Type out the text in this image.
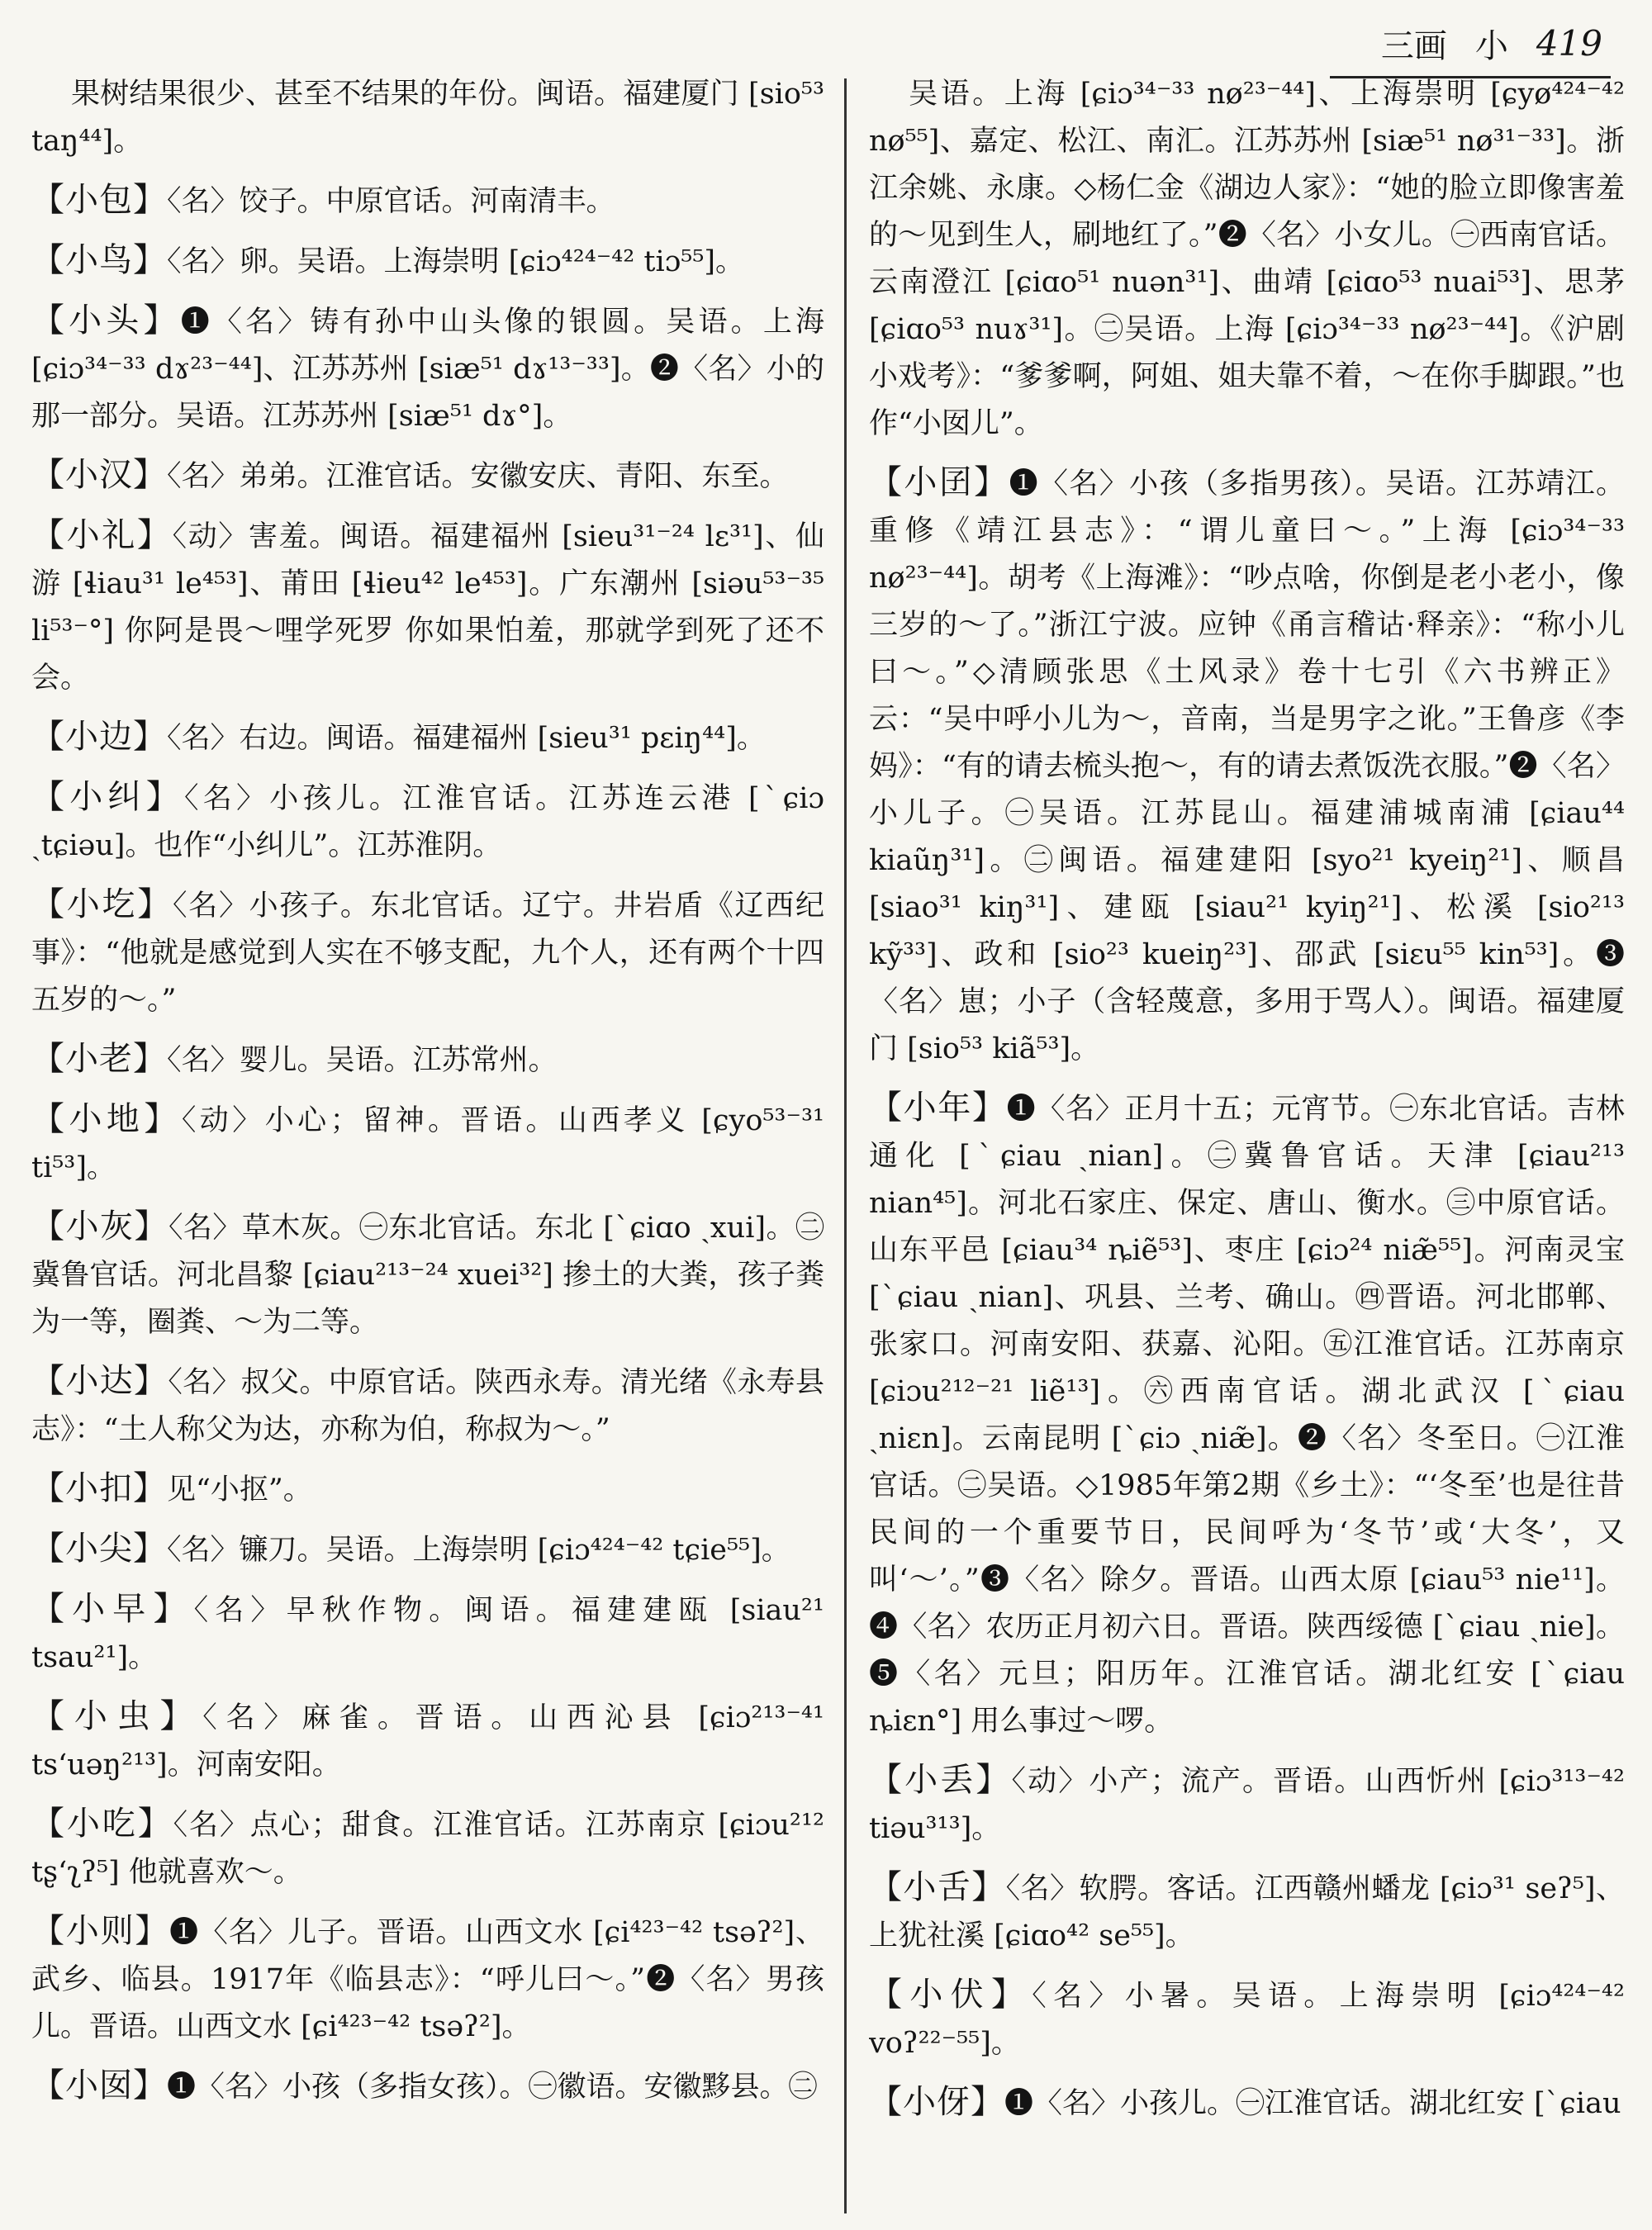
三画 小 419

果树结果很少、甚至不结果的年份。闽语。福建厦门 [sio⁵³ taŋ⁴⁴]。

【小包】〈名〉饺子。中原官话。河南清丰。

【小鸟】〈名〉卵。吴语。上海崇明 [ɕiɔ⁴²⁴⁻⁴² tiɔ⁵⁵]。

【小头】❶〈名〉铸有孙中山头像的银圆。吴语。上海 [ɕiɔ³⁴⁻³³ dɤ²³⁻⁴⁴]、江苏苏州 [siæ⁵¹ dɤ¹³⁻³³]。❷〈名〉小的那一部分。吴语。江苏苏州 [siæ⁵¹ dɤ°]。

【小汉】〈名〉弟弟。江淮官话。安徽安庆、青阳、东至。

【小礼】〈动〉害羞。闽语。福建福州 [sieu³¹⁻²⁴ lɛ³¹]、仙游 [ɬiau³¹ le⁴⁵³]、莆田 [ɬieu⁴² le⁴⁵³]。广东潮州 [siəu⁵³⁻³⁵ li⁵³⁻°] 你阿是畏～哩学死罗 你如果怕羞，那就学到死了还不会。

【小边】〈名〉右边。闽语。福建福州 [sieu³¹ pɛiŋ⁴⁴]。

【小纠】〈名〉小孩儿。江淮官话。江苏连云港 [ˋɕiɔ ˏtɕiəu]。也作“小纠儿”。江苏淮阴。

【小圪】〈名〉小孩子。东北官话。辽宁。井岩盾《辽西纪事》：“他就是感觉到人实在不够支配，九个人，还有两个十四五岁的～。”

【小老】〈名〉婴儿。吴语。江苏常州。

【小地】〈动〉小心；留神。晋语。山西孝义 [ɕyo⁵³⁻³¹ ti⁵³]。

【小灰】〈名〉草木灰。㊀东北官话。东北 [ˋɕiɑo ˏxui]。㊁冀鲁官话。河北昌黎 [ɕiau²¹³⁻²⁴ xuei³²] 掺土的大粪，孩子粪为一等，圈粪、～为二等。

【小达】〈名〉叔父。中原官话。陕西永寿。清光绪《永寿县志》：“土人称父为达，亦称为伯，称叔为～。”

【小扣】见“小抠”。

【小尖】〈名〉镰刀。吴语。上海崇明 [ɕiɔ⁴²⁴⁻⁴² tɕie⁵⁵]。

【小早】〈名〉早秋作物。闽语。福建建瓯 [siau²¹ tsau²¹]。

【小虫】〈名〉麻雀。晋语。山西沁县 [ɕiɔ²¹³⁻⁴¹ tsʻuəŋ²¹³]。河南安阳。

【小吃】〈名〉点心；甜食。江淮官话。江苏南京 [ɕiɔu²¹² tʂʻʅʔ⁵] 他就喜欢～。

【小则】❶〈名〉儿子。晋语。山西文水 [ɕi⁴²³⁻⁴² tsəʔ²]、武乡、临县。1917年《临县志》：“呼儿曰～。”❷〈名〉男孩儿。晋语。山西文水 [ɕi⁴²³⁻⁴² tsəʔ²]。

【小囡】❶〈名〉小孩（多指女孩）。㊀徽语。安徽黟县。㊁

吴语。上海 [ɕiɔ³⁴⁻³³ nø²³⁻⁴⁴]、上海崇明 [ɕyø⁴²⁴⁻⁴² nø⁵⁵]、嘉定、松江、南汇。江苏苏州 [siæ⁵¹ nø³¹⁻³³]。浙江余姚、永康。◇杨仁金《湖边人家》：“她的脸立即像害羞的～见到生人，刷地红了。”❷〈名〉小女儿。㊀西南官话。云南澄江 [ɕiɑo⁵¹ nuən³¹]、曲靖 [ɕiɑo⁵³ nuai⁵³]、思茅 [ɕiɑo⁵³ nuɤ³¹]。㊁吴语。上海 [ɕiɔ³⁴⁻³³ nø²³⁻⁴⁴]。《沪剧小戏考》：“爹爹啊，阿姐、姐夫靠不着，～在你手脚跟。”也作“小囡儿”。

【小囝】❶〈名〉小孩（多指男孩）。吴语。江苏靖江。重修《靖江县志》：“谓儿童曰～。”上海 [ɕiɔ³⁴⁻³³ nø²³⁻⁴⁴]。胡考《上海滩》：“吵点啥，你倒是老小老小，像三岁的～了。”浙江宁波。应钟《甬言稽诂·释亲》：“称小儿曰～。”◇清顾张思《土风录》卷十七引《六书辨正》云：“吴中呼小儿为～，音南，当是男字之讹。”王鲁彦《李妈》：“有的请去梳头抱～，有的请去煮饭洗衣服。”❷〈名〉小儿子。㊀吴语。江苏昆山。福建浦城南浦 [ɕiau⁴⁴ kiaũŋ³¹]。㊁闽语。福建建阳 [syo²¹ kyeiŋ²¹]、顺昌 [siao³¹ kiŋ³¹]、建瓯 [siau²¹ kyiŋ²¹]、松溪 [sio²¹³ kỹ³³]、政和 [sio²³ kueiŋ²³]、邵武 [siɛu⁵⁵ kin⁵³]。❸〈名〉崽；小子（含轻蔑意，多用于骂人）。闽语。福建厦门 [sio⁵³ kiã⁵³]。

【小年】❶〈名〉正月十五；元宵节。㊀东北官话。吉林通化 [ˋɕiau ˏnian]。㊁冀鲁官话。天津 [ɕiau²¹³ nian⁴⁵]。河北石家庄、保定、唐山、衡水。㊂中原官话。山东平邑 [ɕiau³⁴ ȵiẽ⁵³]、枣庄 [ɕiɔ²⁴ niæ̃⁵⁵]。河南灵宝 [ˋɕiau ˏnian]、巩县、兰考、确山。㊃晋语。河北邯郸、张家口。河南安阳、获嘉、沁阳。㊄江淮官话。江苏南京 [ɕiɔu²¹²⁻²¹ liẽ¹³]。㊅西南官话。湖北武汉 [ˋɕiau ˏniɛn]。云南昆明 [ˋɕiɔ ˏniæ̃]。❷〈名〉冬至日。㊀江淮官话。㊁吴语。◇1985年第2期《乡土》：“‘冬至’也是往昔民间的一个重要节日，民间呼为‘冬节’或‘大冬’，又叫‘～’。”❸〈名〉除夕。晋语。山西太原 [ɕiau⁵³ nie¹¹]。❹〈名〉农历正月初六日。晋语。陕西绥德 [ˋɕiau ˏnie]。❺〈名〉元旦；阳历年。江淮官话。湖北红安 [ˋɕiau ȵiɛn°] 用么事过～啰。

【小丢】〈动〉小产；流产。晋语。山西忻州 [ɕiɔ³¹³⁻⁴² tiəu³¹³]。

【小舌】〈名〉软腭。客话。江西赣州蟠龙 [ɕiɔ³¹ seʔ⁵]、上犹社溪 [ɕiɑo⁴² se⁵⁵]。

【小伏】〈名〉小暑。吴语。上海崇明 [ɕiɔ⁴²⁴⁻⁴² voʔ²²⁻⁵⁵]。

【小伢】❶〈名〉小孩儿。㊀江淮官话。湖北红安 [ˋɕiau
